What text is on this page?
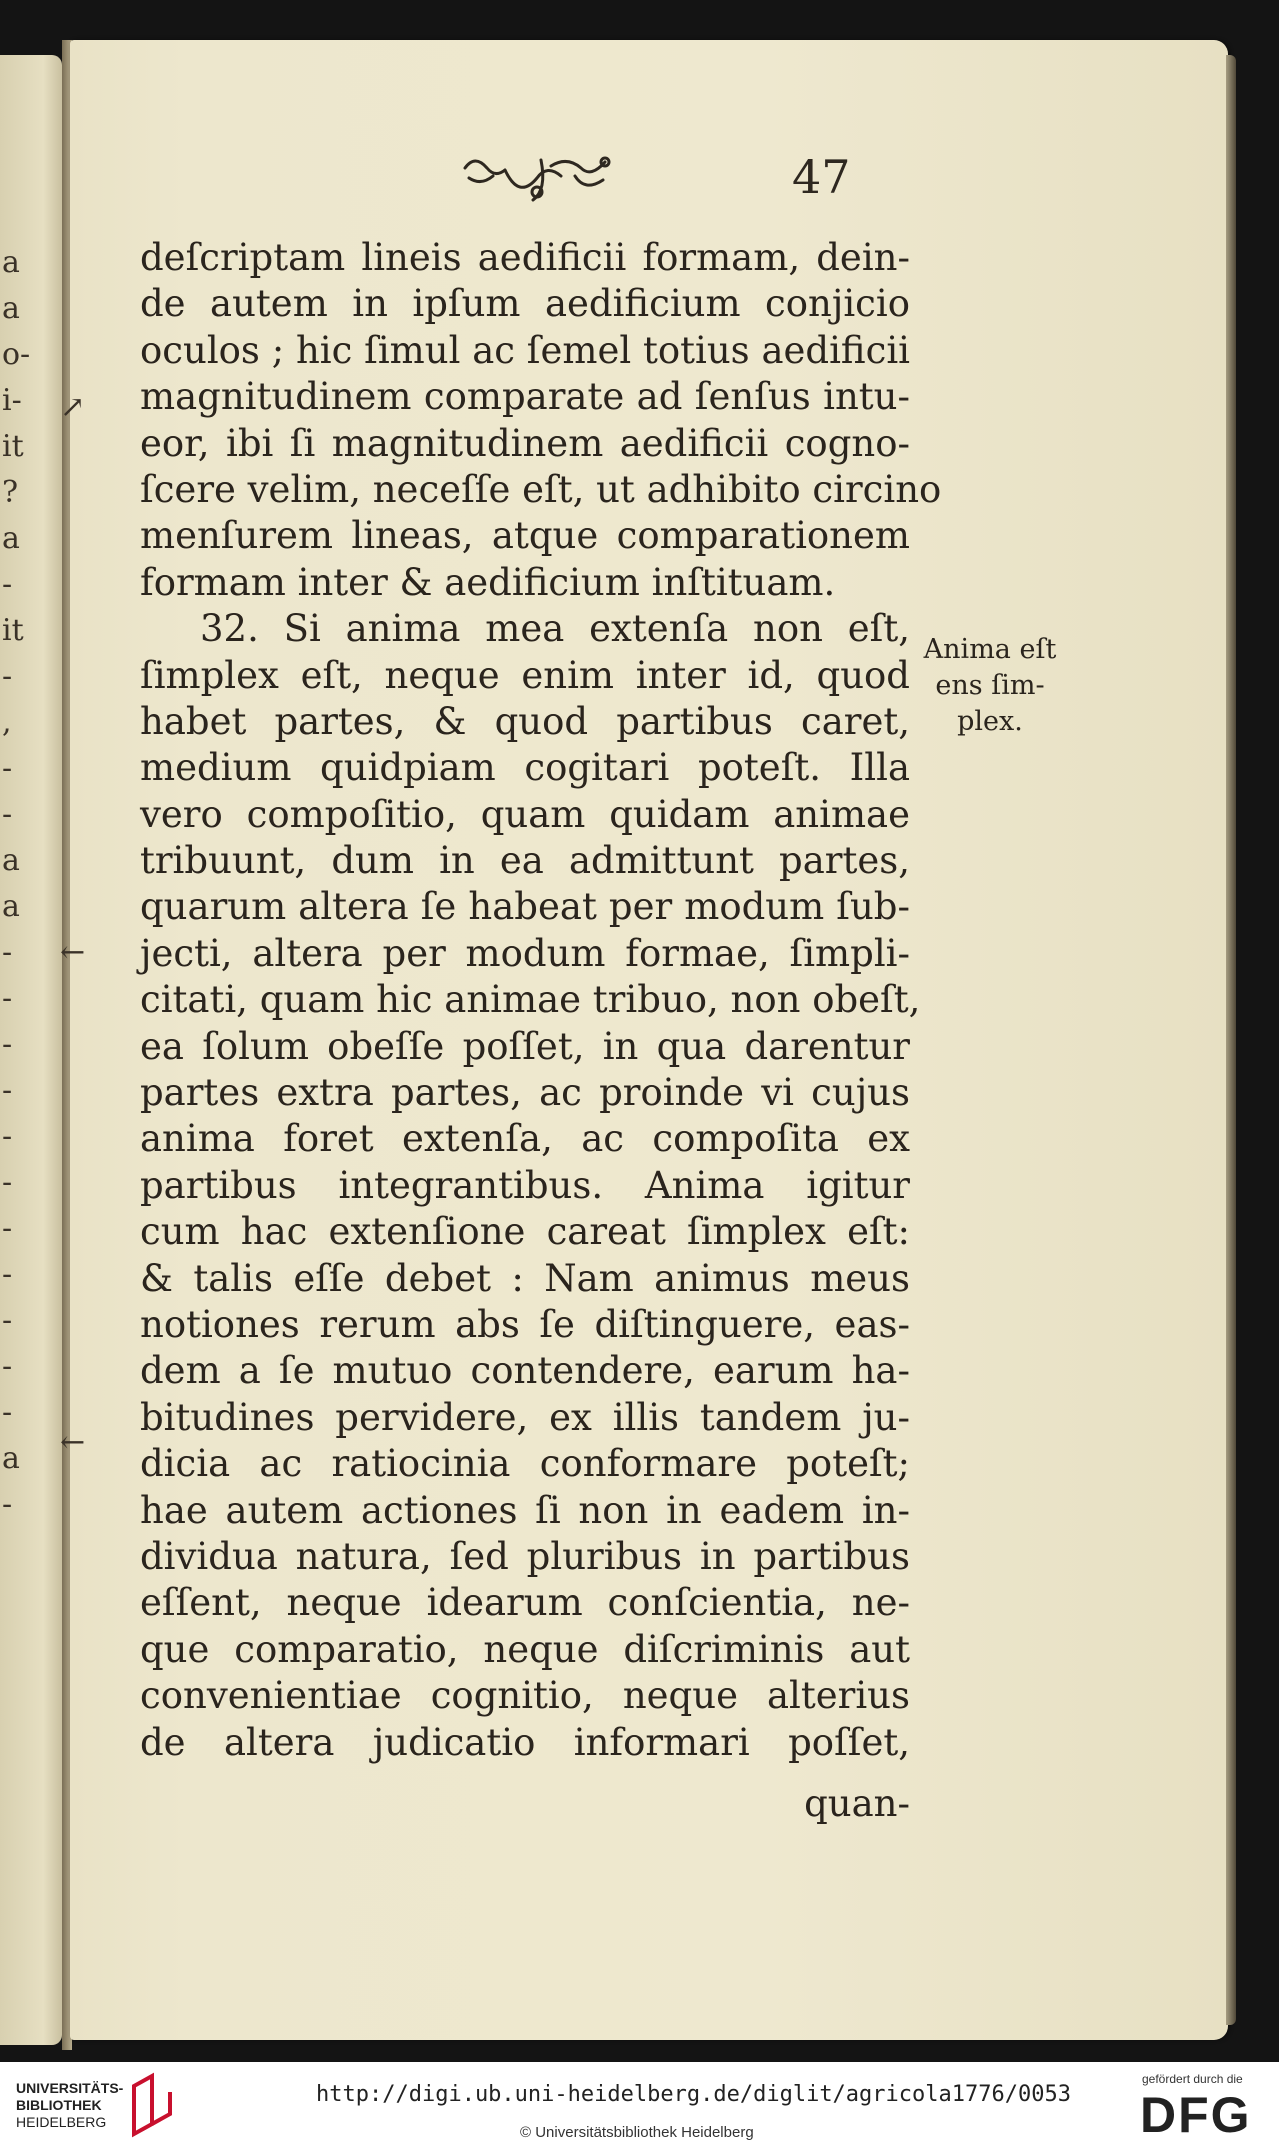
a
a
o-
i-
it
?
a
-
it
-
,
-
-
a
a
-
-
-
-
-
-
-
-
-
-
-
a
-
47
deſcriptam lineis aedificii formam, dein-
de autem in ipſum aedificium conjicio
oculos ; hic ſimul ac ſemel totius aedificii
magnitudinem comparate ad ſenſus intu-
eor, ibi ſi magnitudinem aedificii cogno-
ſcere velim, neceſſe eſt, ut adhibito circino
menſurem lineas, atque comparationem
formam inter & aedificium inſtituam.
32. Si anima mea extenſa non eſt,
ſimplex eſt, neque enim inter id, quod
habet partes, & quod partibus caret,
medium quidpiam cogitari poteſt. Illa
vero compoſitio, quam quidam animae
tribuunt, dum in ea admittunt partes,
quarum altera ſe habeat per modum ſub-
jecti, altera per modum formae, ſimpli-
citati, quam hic animae tribuo, non obeſt,
ea ſolum obeſſe poſſet, in qua darentur
partes extra partes, ac proinde vi cujus
anima foret extenſa, ac compoſita ex
partibus integrantibus. Anima igitur
cum hac extenſione careat ſimplex eſt:
& talis eſſe debet : Nam animus meus
notiones rerum abs ſe diſtinguere, eas-
dem a ſe mutuo contendere, earum ha-
bitudines pervidere, ex illis tandem ju-
dicia ac ratiocinia conformare poteſt;
hae autem actiones ſi non in eadem in-
dividua natura, ſed pluribus in partibus
eſſent, neque idearum conſcientia, ne-
que comparatio, neque diſcriminis aut
convenientiae cognitio, neque alterius
de altera judicatio informari poſſet,
quan-
Anima eſt
ens ſim-
plex.
↗
←
←
UNIVERSITÄTS-
BIBLIOTHEK
HEIDELBERG
http://digi.ub.uni-heidelberg.de/diglit/agricola1776/0053
© Universitätsbibliothek Heidelberg
gefördert durch die
DFG
